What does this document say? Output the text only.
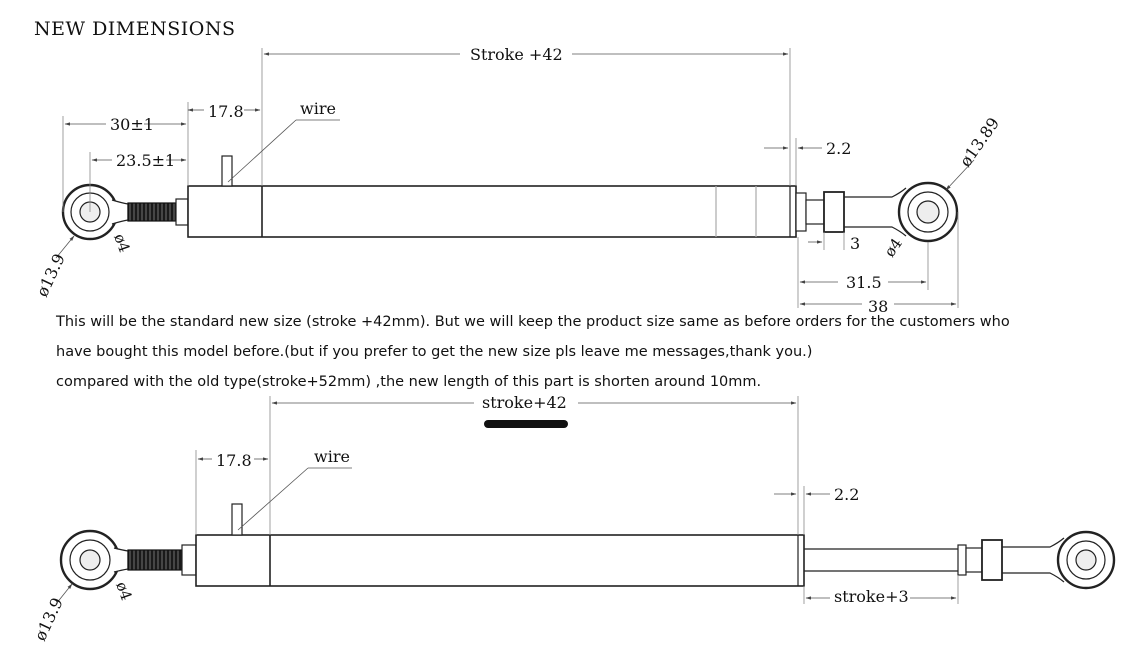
NEW DIMENSIONS
This will be the standard new size (stroke +42mm). But we will keep the product size same as before orders for the customers who
have bought this model before.(but if you prefer to get the new size pls leave me messages,thank you.)
compared with the old type(stroke+52mm) ,the new length of this part is shorten around 10mm.
Stroke +42
wire
30±1
17.8
23.5±1
2.2	ø13.89
ø13.9
ø4	ø4
3
31.5
38
stroke+42
wire
17.8
2.2
stroke+3
ø13.9
ø4
